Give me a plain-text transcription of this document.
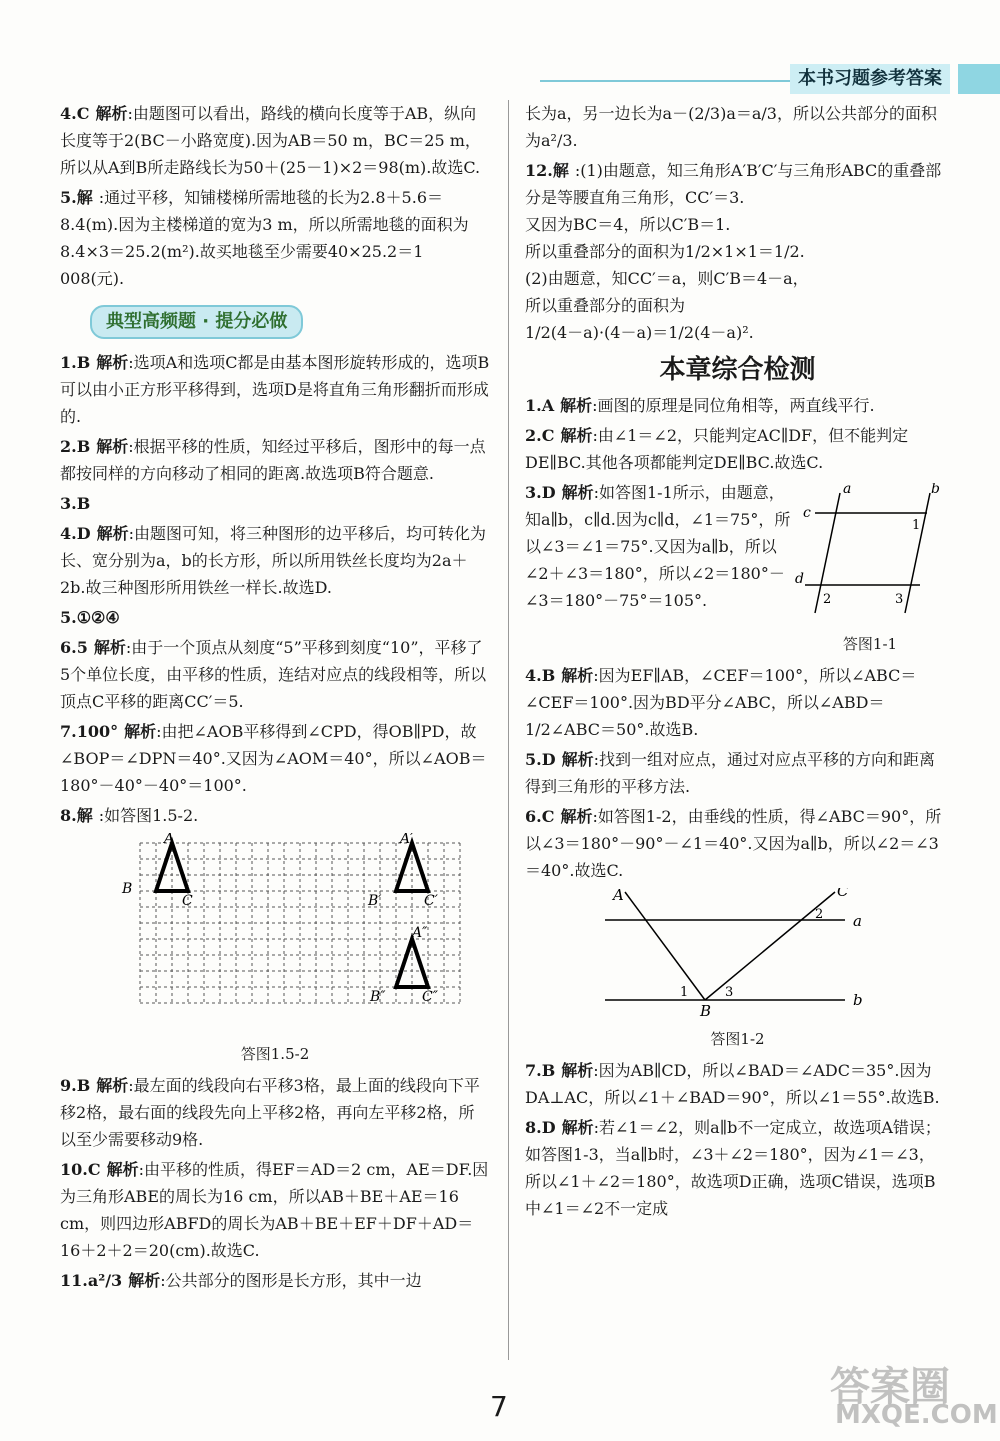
本书习题参考答案
4.C 解析:由题图可以看出，路线的横向长度等于AB，纵向长度等于2(BC－小路宽度).因为AB＝50 m，BC＝25 m，所以从A到B所走路线长为50＋(25－1)×2＝98(m).故选C.
5.解 :通过平移，知铺楼梯所需地毯的长为2.8＋5.6＝8.4(m).因为主楼梯道的宽为3 m，所以所需地毯的面积为8.4×3＝25.2(m²).故买地毯至少需要40×25.2＝1 008(元).
典型高频题 · 提分必做
1.B 解析:选项A和选项C都是由基本图形旋转形成的，选项B可以由小正方形平移得到，选项D是将直角三角形翻折而形成的.
2.B 解析:根据平移的性质，知经过平移后，图形中的每一点都按同样的方向移动了相同的距离.故选项B符合题意.
3.B
4.D 解析:由题图可知，将三种图形的边平移后，均可转化为长、宽分别为a，b的长方形，所以所用铁丝长度均为2a＋2b.故三种图形所用铁丝一样长.故选D.
5.①②④
6.5 解析:由于一个顶点从刻度“5”平移到刻度“10”，平移了5个单位长度，由平移的性质，连结对应点的线段相等，所以顶点C平移的距离CC′＝5.
7.100° 解析:由把∠AOB平移得到∠CPD，得OB∥PD，故∠BOP＝∠DPN＝40°.又因为∠AOM＝40°，所以∠AOB＝180°－40°－40°＝100°.
8.解 :如答图1.5-2.
A
B
C
A′
B′	C′
A″
B″	C″
答图1.5-2
9.B 解析:最左面的线段向右平移3格，最上面的线段向下平移2格，最右面的线段先向上平移2格，再向左平移2格，所以至少需要移动9格.
10.C 解析:由平移的性质，得EF＝AD＝2 cm，AE＝DF.因为三角形ABE的周长为16 cm，所以AB＋BE＋AE＝16 cm，则四边形ABFD的周长为AB＋BE＋EF＋DF＋AD＝16＋2＋2＝20(cm).故选C.
11.a²/3 解析:公共部分的图形是长方形，其中一边
长为a，另一边长为a－(2/3)a＝a/3，所以公共部分的面积为a²/3.
12.解 :(1)由题意，知三角形A′B′C′与三角形ABC的重叠部分是等腰直角三角形，CC′＝3.

又因为BC＝4，所以C′B＝1.

所以重叠部分的面积为1/2×1×1＝1/2.

(2)由题意，知CC′＝a，则C′B＝4－a，

所以重叠部分的面积为

1/2(4－a)·(4－a)＝1/2(4－a)².

本章综合检测
1.A 解析:画图的原理是同位角相等，两直线平行.
2.C 解析:由∠1＝∠2，只能判定AC∥DF，但不能判定DE∥BC.其他各项都能判定DE∥BC.故选C.
3.D 解析:如答图1-1所示，由题意，知a∥b，c∥d.因为c∥d，∠1＝75°，所以∠3＝∠1＝75°.又因为a∥b，所以∠2＋∠3＝180°，所以∠2＝180°－∠3＝180°－75°＝105°.
a	b
c
d
1
2	3
答图1-1
4.B 解析:因为EF∥AB，∠CEF＝100°，所以∠ABC＝∠CEF＝100°.因为BD平分∠ABC，所以∠ABD＝1/2∠ABC＝50°.故选B.
5.D 解析:找到一组对应点，通过对应点平移的方向和距离得到三角形的平移方法.
6.C 解析:如答图1-2，由垂线的性质，得∠ABC＝90°，所以∠3＝180°－90°－∠1＝40°.又因为a∥b，所以∠2＝∠3＝40°.故选C.
A	C
2 a
1	3	b
B
答图1-2
7.B 解析:因为AB∥CD，所以∠BAD＝∠ADC＝35°.因为DA⊥AC，所以∠1＋∠BAD＝90°，所以∠1＝55°.故选B.
8.D 解析:若∠1＝∠2，则a∥b不一定成立，故选项A错误；如答图1-3，当a∥b时，∠3＋∠2＝180°，因为∠1＝∠3，所以∠1＋∠2＝180°，故选项D正确，选项C错误，选项B中∠1＝∠2不一定成
7	答案圈
MXQE.COM
